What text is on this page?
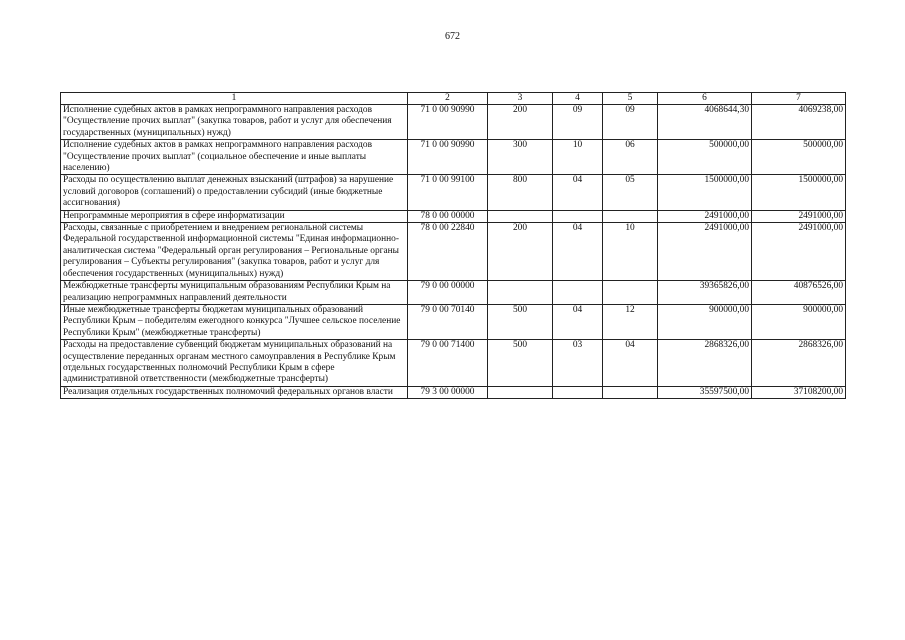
672
1	2	3	4	5	6	7
Исполнение судебных актов в рамках непрограммного направления расходов "Осуществление прочих выплат" (закупка товаров, работ и услуг для обеспечения государственных (муниципальных) нужд)	71 0 00 90990	200	09	09	4068644,30	4069238,00
Исполнение судебных актов в рамках непрограммного направления расходов "Осуществление прочих выплат" (социальное обеспечение и иные выплаты населению)	71 0 00 90990	300	10	06	500000,00	500000,00
Расходы по осуществлению выплат денежных взысканий (штрафов) за нарушение условий договоров (соглашений) о предоставлении субсидий (иные бюджетные ассигнования)	71 0 00 99100	800	04	05	1500000,00	1500000,00
Непрограммные мероприятия в сфере информатизации	78 0 00 00000				2491000,00	2491000,00
Расходы, связанные с приобретением и внедрением региональной системы Федеральной государственной информационной системы "Единая информационно-аналитическая система "Федеральный орган регулирования – Региональные органы регулирования – Субъекты регулирования" (закупка товаров, работ и услуг для обеспечения государственных (муниципальных) нужд)	78 0 00 22840	200	04	10	2491000,00	2491000,00
Межбюджетные трансферты муниципальным образованиям Республики Крым на реализацию непрограммных направлений деятельности	79 0 00 00000				39365826,00	40876526,00
Иные межбюджетные трансферты бюджетам муниципальных образований Республики Крым – победителям ежегодного конкурса "Лучшее сельское поселение Республики Крым" (межбюджетные трансферты)	79 0 00 70140	500	04	12	900000,00	900000,00
Расходы на предоставление субвенций бюджетам муниципальных образований на осуществление переданных органам местного самоуправления в Республике Крым отдельных государственных полномочий Республики Крым в сфере административной ответственности (межбюджетные трансферты)	79 0 00 71400	500	03	04	2868326,00	2868326,00
Реализация отдельных государственных полномочий федеральных органов власти	79 3 00 00000				35597500,00	37108200,00
